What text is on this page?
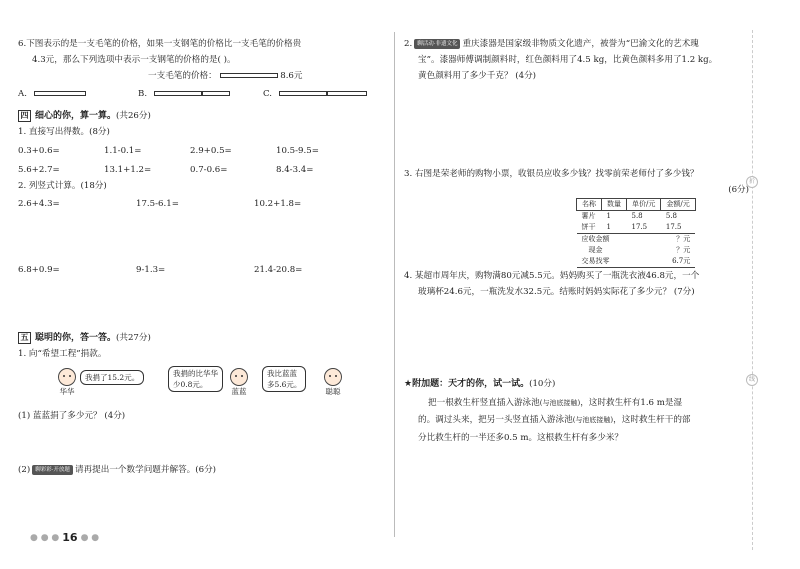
6.下图表示的是一支毛笔的价格，如果一支钢笔的价格比一支毛笔的价格贵
4.3元，那么下列选项中表示一支钢笔的价格的是( )。
一支毛笔的价格：	8.6元
A.	B.	C.
四 细心的你，算一算。 (共26分)
1. 直接写出得数。(8分)
0.3+0.6=	1.1-0.1=	2.9+0.5=	10.5-9.5=
5.6+2.7=	13.1+1.2=	0.7-0.6=	8.4-3.4=
2. 列竖式计算。(18分)
2.6+4.3=	17.5-6.1=	10.2+1.8=
6.8+0.9=	9-1.3=	21.4-20.8=
五 聪明的你，答一答。 (共27分)
1. 向“希望工程”捐款。
华华
我捐了15.2元。	我捐的比华华
少0.8元。
蓝蓝
我比蓝蓝
多5.6元。
聪聪
(1) 蓝蓝捐了多少元？ (4分)
(2) 聊彩彩·开放题 请再提出一个数学问题并解答。(6分)
折
线
2. 聊活动·非遗文化 重庆漆器是国家级非物质文化遗产，被誉为“巴渝文化的艺术瑰
宝”。漆器师傅调制颜料时，红色颜料用了4.5 kg，比黄色颜料多用了1.2 kg。
黄色颜料用了多少千克？ (4分)
3. 右图是荣老师的购物小票，收银员应收多少钱？找零前荣老师付了多少钱？
(6分)
名称	数量	单价/元	金额/元
薯片	1	5.8	5.8
饼干	1	17.5	17.5
应收金额			？元
现金			？元
交易找零			6.7元
4. 某超市周年庆，购物满80元减5.5元。妈妈购买了一瓶洗衣液46.8元，一个
玻璃杯24.6元，一瓶洗发水32.5元。结账时妈妈实际花了多少元？ (7分)
★附加题：天才的你，试一试。(10分)
把一根救生杆竖直插入游泳池(与池底接触)，这时救生杆有1.6 m是湿
的。调过头来，把另一头竖直插入游泳池(与池底接触)，这时救生杆干的部
分比救生杆的一半还多0.5 m。这根救生杆有多少米？
● ● ● 16 ● ●
